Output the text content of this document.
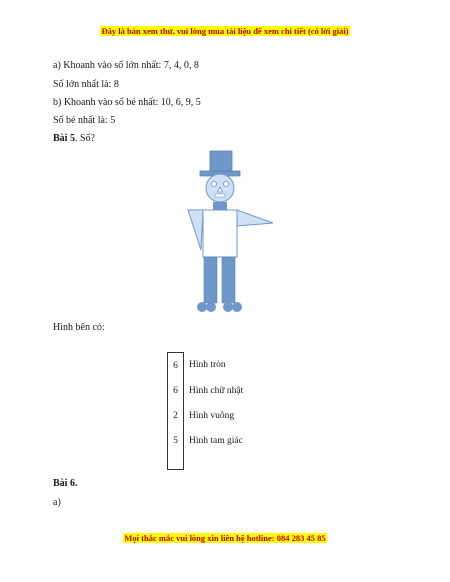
Đây là bản xem thử, vui lòng mua tài liệu để xem chi tiết (có lời giải)
a) Khoanh vào số lớn nhất: 7, 4, 0, 8
Số lớn nhất là: 8
b) Khoanh vào số bé nhất: 10, 6, 9, 5
Số bé nhất là: 5
Bài 5. Số?
Hình bên có:
6	Hình tròn
6	Hình chữ nhật
2	Hình vuông
5	Hình tam giác

Bài 6.
a)
Mọi thắc mắc vui lòng xin liên hệ hotline: 084 283 45 85
